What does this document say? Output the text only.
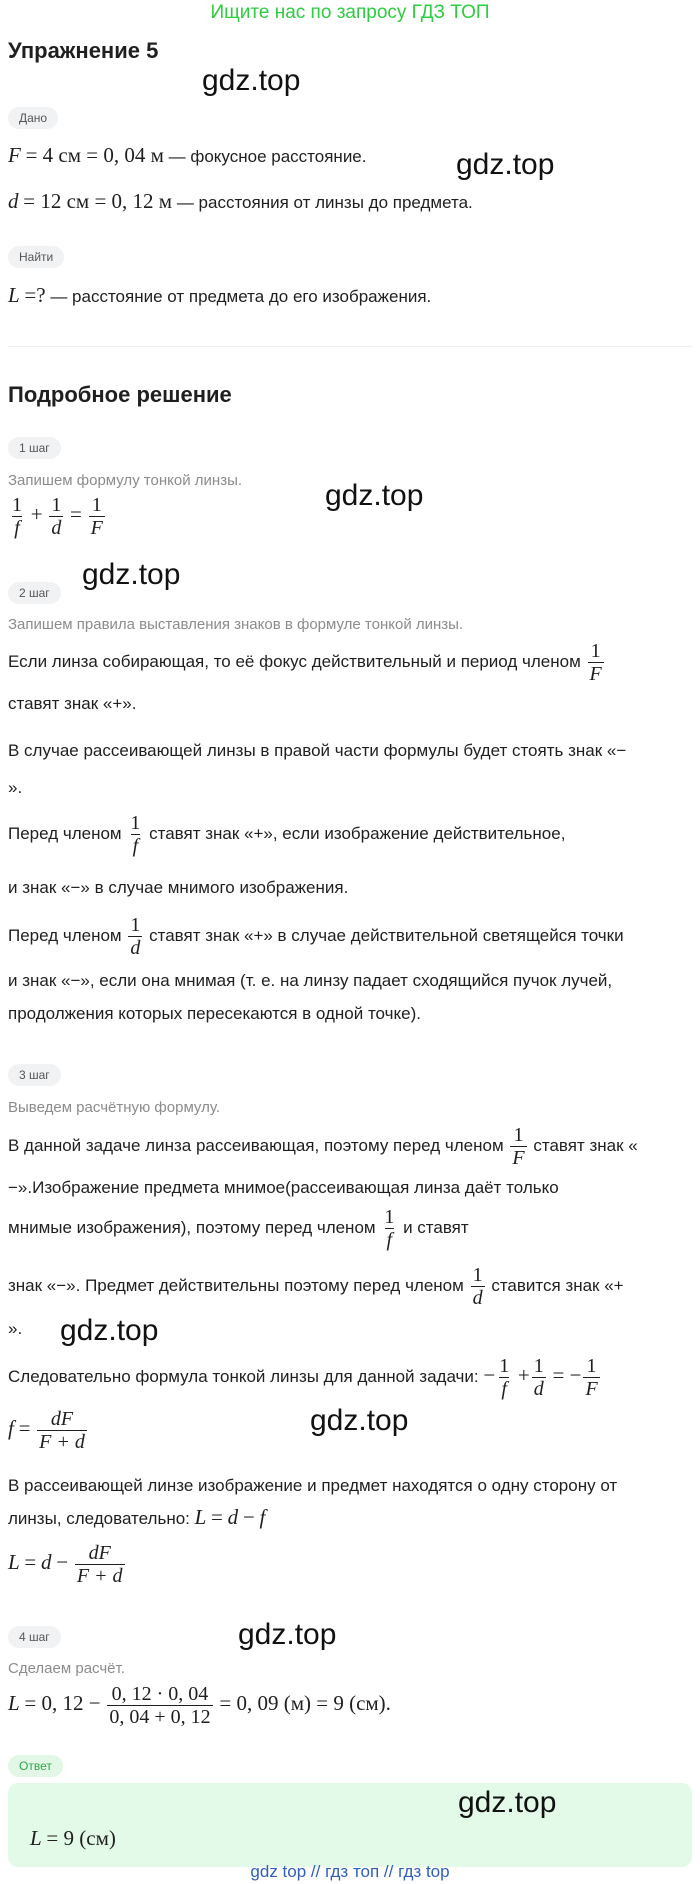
Ищите нас по запросу ГДЗ ТОП
Упражнение 5
gdz.top
Дано
F = 4 см = 0, 04 м — фокусное расстояние.	gdz.top
d = 12 см = 0, 12 м — расстояния от линзы до предмета.
Найти
L =? — расстояние от предмета до его изображения.
Подробное решение
1 шаг
Запишем формулу тонкой линзы.
$\frac{1}{f} + \frac{1}{d} = \frac{1}{F}$	gdz.top
gdz.top
2 шаг
Запишем правила выставления знаков в формуле тонкой линзы.
Если линза собирающая, то её фокус действительный и период членом $\frac{1}{F}$
ставят знак «+».
В случае рассеивающей линзы в правой части формулы будет стоять знак «−
».
Перед членом $\frac{1}{f}$ ставят знак «+», если изображение действительное,
и знак «−» в случае мнимого изображения.
Перед членом $\frac{1}{d}$ ставят знак «+» в случае действительной светящейся точки
и знак «−», если она мнимая (т. е. на линзу падает сходящийся пучок лучей,
продолжения которых пересекаются в одной точке).
3 шаг
Выведем расчётную формулу.
В данной задаче линза рассеивающая, поэтому перед членом $\frac{1}{F}$ ставят знак «
−».Изображение предмета мнимое(рассеивающая линза даёт только
мнимые изображения), поэтому перед членом $\frac{1}{f}$ и ставят
знак «−». Предмет действительны поэтому перед членом $\frac{1}{d}$ ставится знак «+
». gdz.top
Следовательно формула тонкой линзы для данной задачи: − $\frac{1}{f} + \frac{1}{d}$ = − $\frac{1}{F}$
$f = \frac{dF}{F + d}$	gdz.top
В рассеивающей линзе изображение и предмет находятся о одну сторону от
линзы, следовательно: L = d − f
$L = d - \frac{dF}{F + d}$
gdz.top
4 шаг
Сделаем расчёт.
L = 0, $12 - \frac{0, 12 \cdot 0, 04}{0, 04 + 0, 12} = 0$, 09 (м) = 9 (см).
Ответ
gdz.top
L = 9 (см)
gdz top // гдз топ // гдз top
